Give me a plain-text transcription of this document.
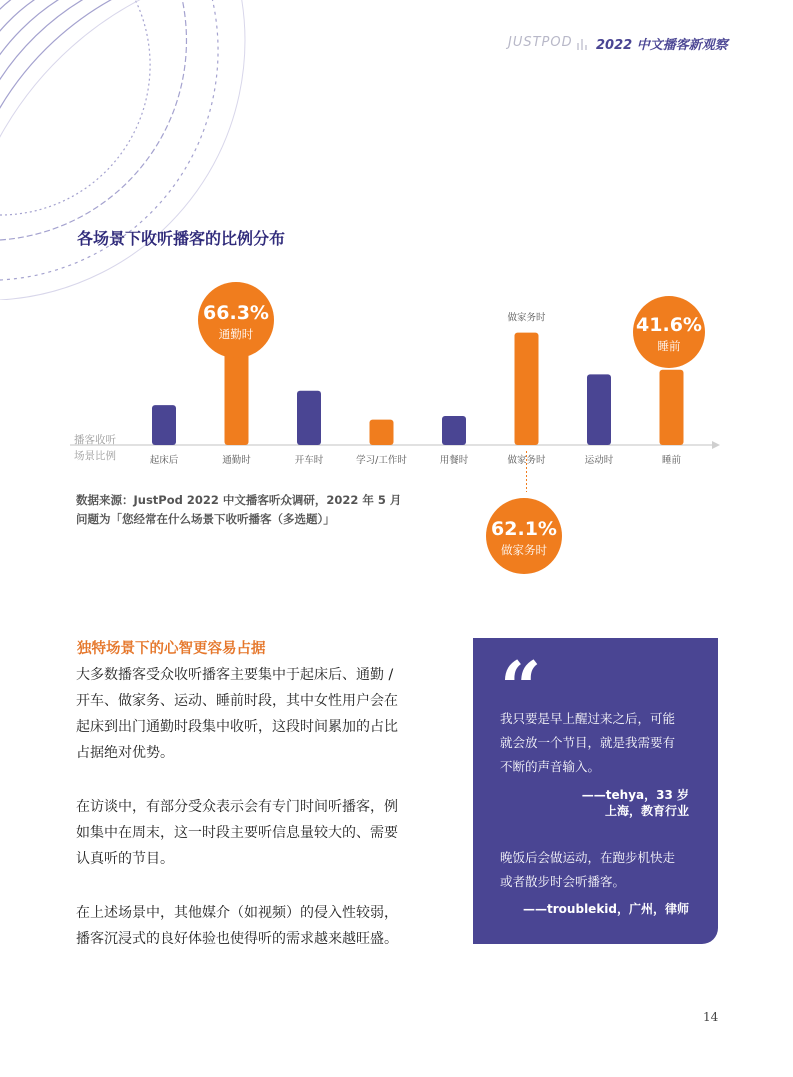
JUSTPOD 2022 中文播客新观察
各场景下收听播客的比例分布
播客收听
场景比例	起床后	通勤时	开车时	学习/工作时	用餐时	做家务时	运动时	睡前
做家务时
66.3%
通勤时
62.1%
做家务时
41.6%
睡前
数据来源：JustPod 2022 中文播客听众调研，2022 年 5 月
问题为「您经常在什么场景下收听播客（多选题）」
独特场景下的心智更容易占据
大多数播客受众收听播客主要集中于起床后、通勤 /
开车、做家务、运动、睡前时段，其中女性用户会在
起床到出门通勤时段集中收听，这段时间累加的占比
占据绝对优势。
在访谈中，有部分受众表示会有专门时间听播客，例
如集中在周末，这一时段主要听信息量较大的、需要
认真听的节目。
在上述场景中，其他媒介（如视频）的侵入性较弱，
播客沉浸式的良好体验也使得听的需求越来越旺盛。
“
我只要是早上醒过来之后，可能
就会放一个节目，就是我需要有
不断的声音输入。
——tehya，33 岁
上海，教育行业
晚饭后会做运动，在跑步机快走
或者散步时会听播客。
——troublekid，广州，律师
14
